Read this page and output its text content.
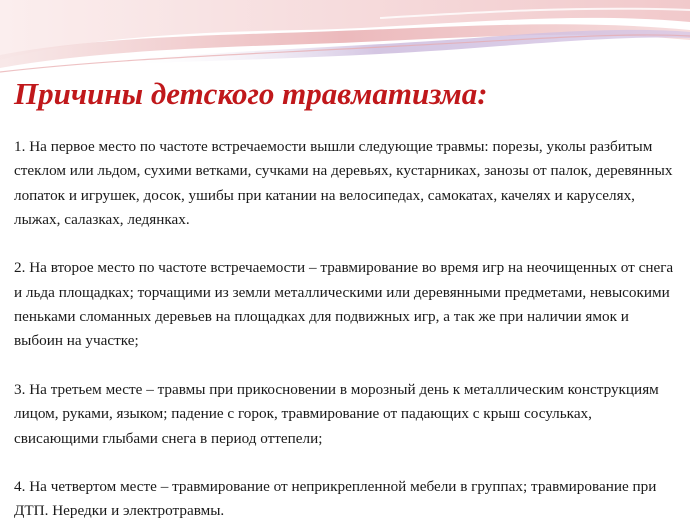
Причины детского травматизма:

1. На первое место по частоте встречаемости вышли следующие травмы: порезы, уколы разбитым стеклом или льдом, сухими ветками, сучками на деревьях, кустарниках, занозы от палок, деревянных лопаток и игрушек, досок, ушибы при катании на велосипедах, самокатах, качелях и каруселях, лыжах, салазках, ледянках.

2. На второе место по частоте встречаемости – травмирование во время игр на неочищенных от снега и льда площадках; торчащими из земли металлическими или деревянными предметами, невысокими пеньками сломанных деревьев на площадках для подвижных игр, а так же при наличии ямок и выбоин на участке;

3. На третьем месте – травмы при прикосновении в морозный день к металлическим конструкциям лицом, руками, языком; падение с горок, травмирование от падающих с крыш сосульках, свисающими глыбами снега в период оттепели;

4. На четвертом месте – травмирование от неприкрепленной мебели в группах; травмирование при ДТП. Нередки и электротравмы.
